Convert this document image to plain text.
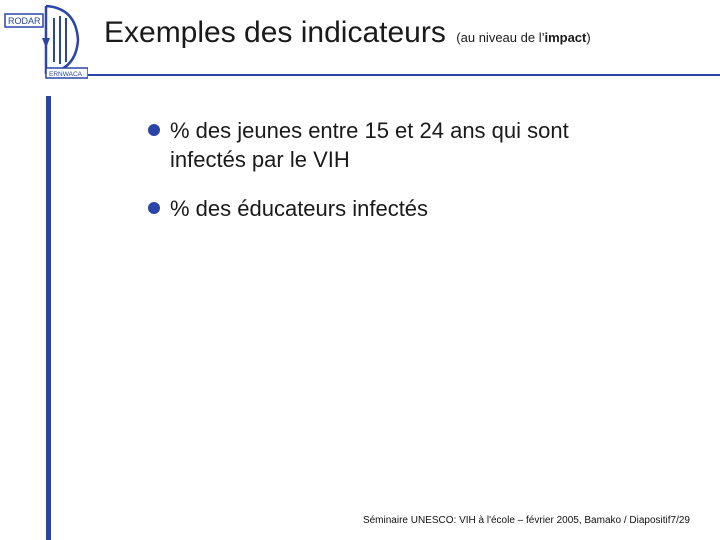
RODAR
ERNWACA
Exemples des indicateurs (au niveau de l’impact)
% des jeunes entre 15 et 24 ans qui sont infectés par le VIH
% des éducateurs infectés
Séminaire UNESCO: VIH à l'école – février 2005, Bamako / Diapositif7/29
